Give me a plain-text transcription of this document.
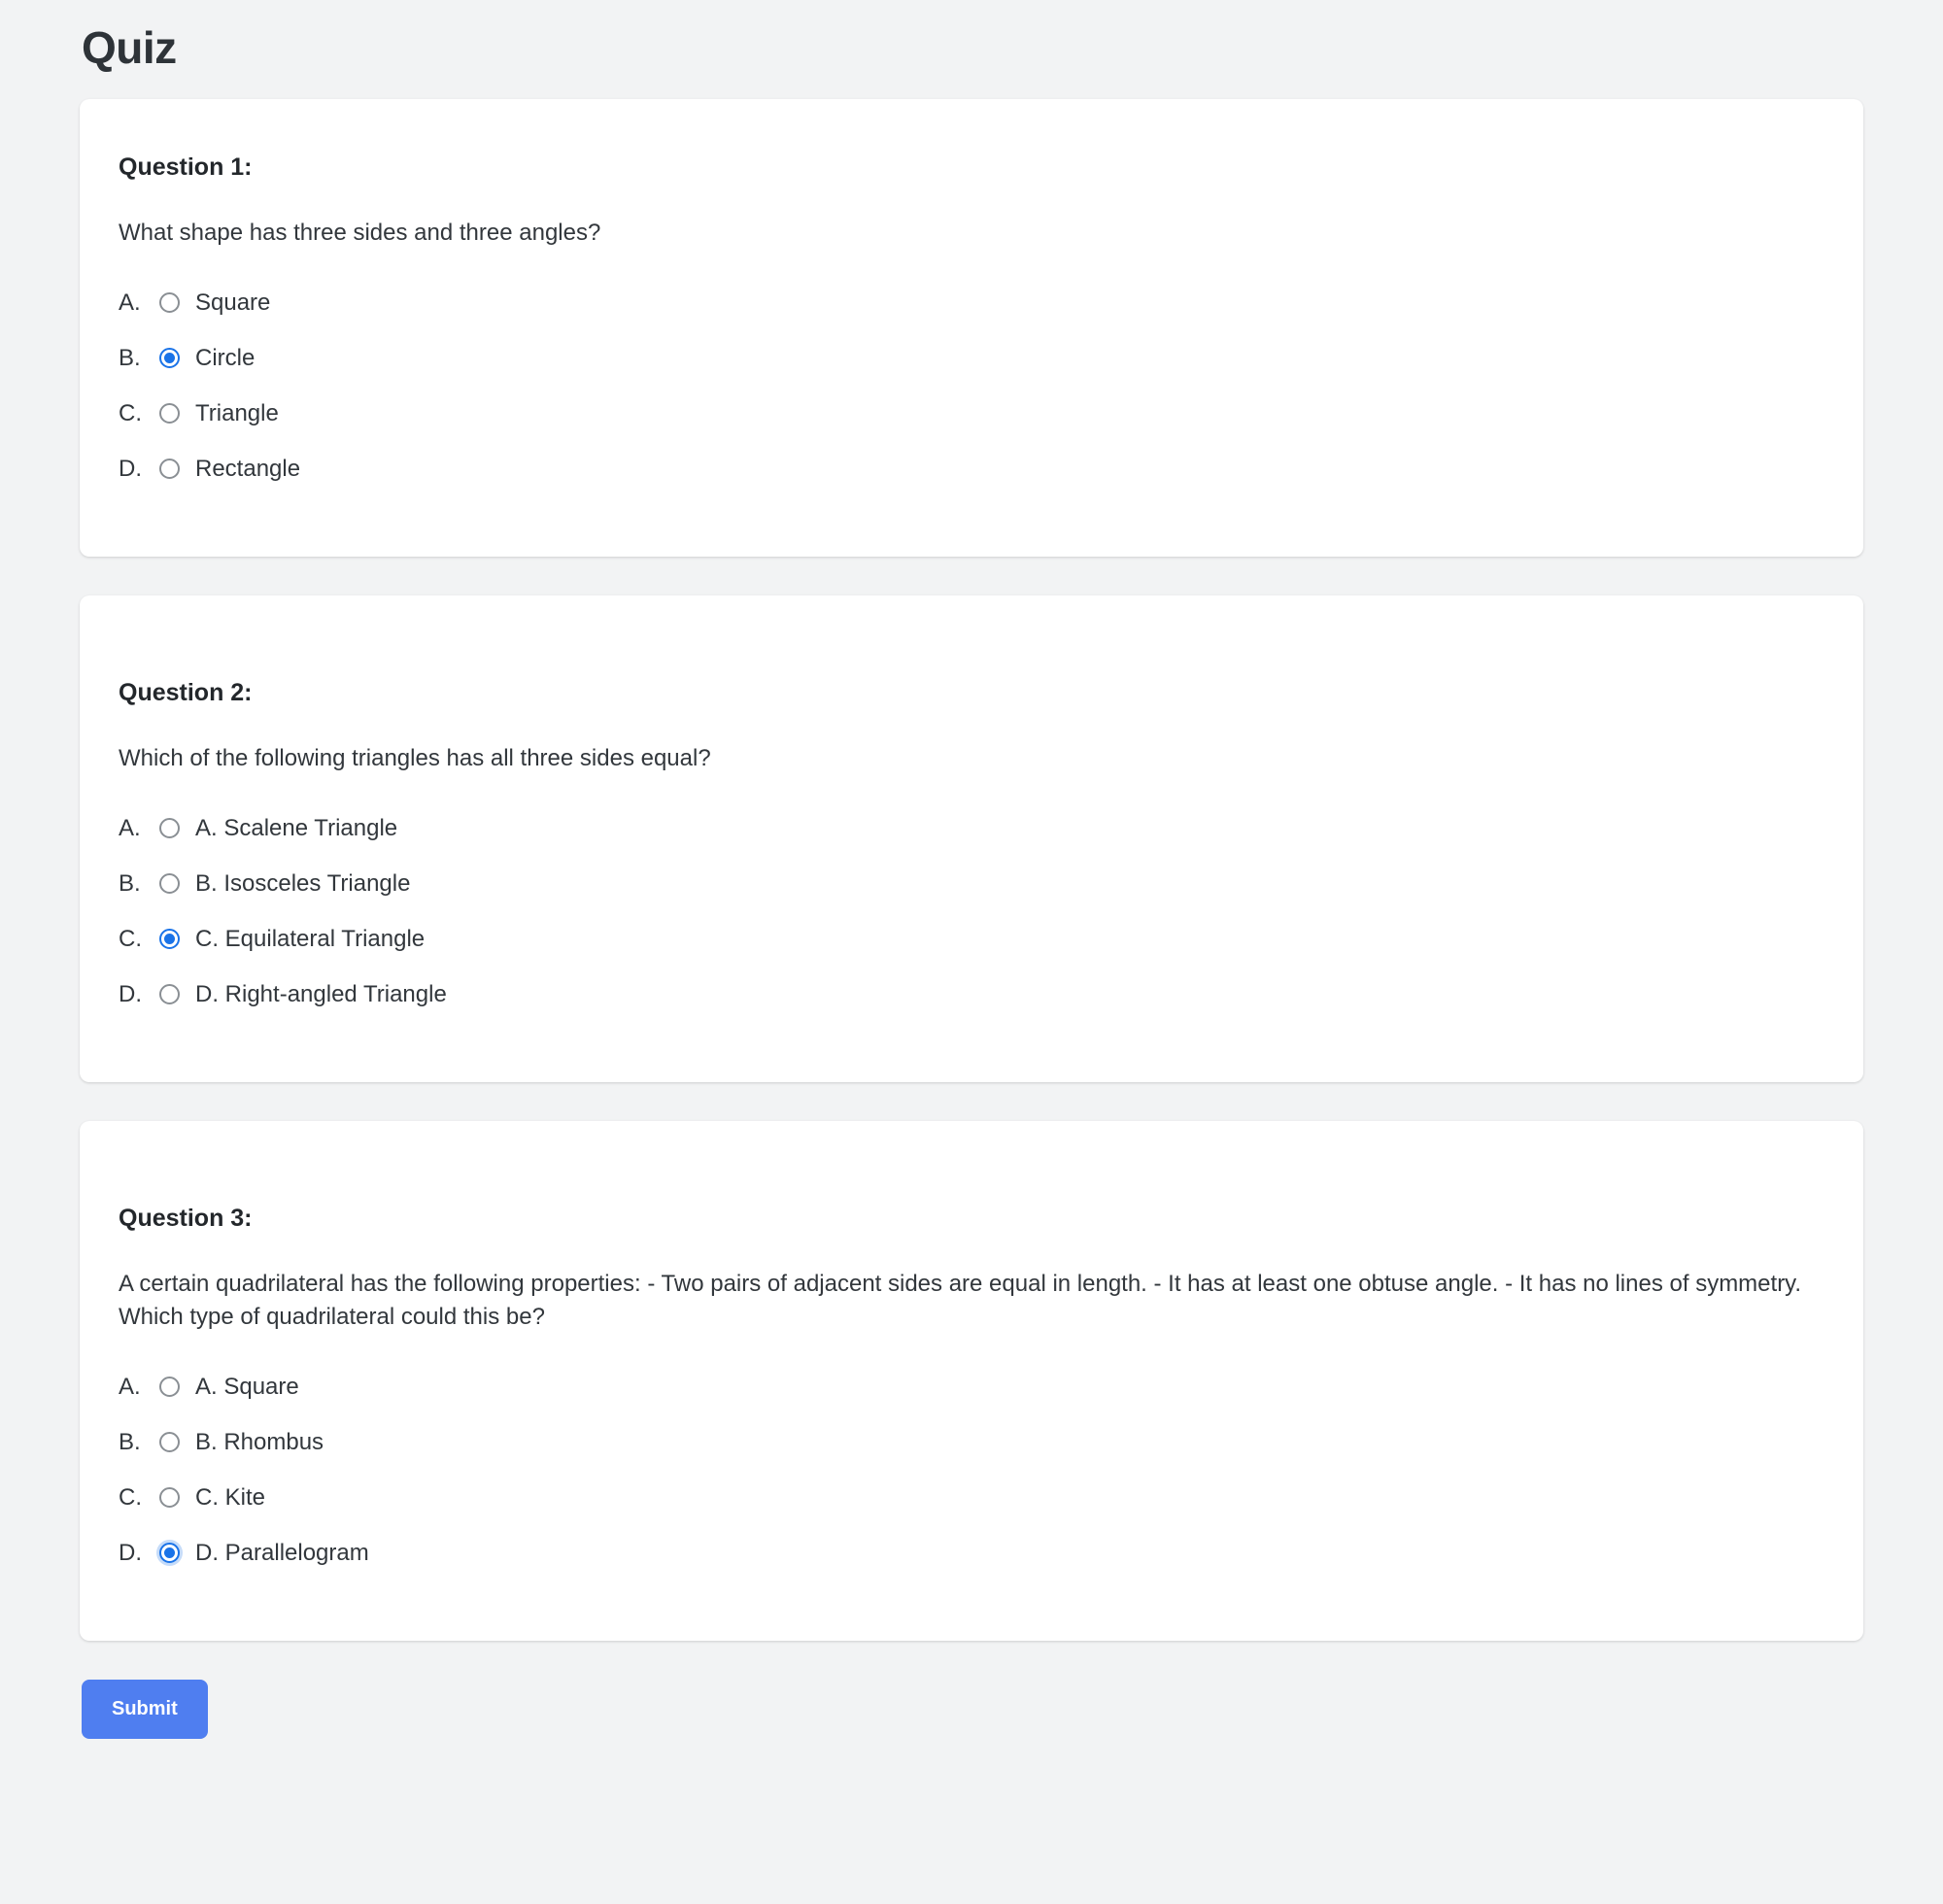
Quiz
Question 1:

What shape has three sides and three angles?

A.	Square
B.	Circle
C.	Triangle
D.	Rectangle
Question 2:

Which of the following triangles has all three sides equal?

A.	A. Scalene Triangle
B.	B. Isosceles Triangle
C.	C. Equilateral Triangle
D.	D. Right-angled Triangle
Question 3:

A certain quadrilateral has the following properties: - Two pairs of adjacent sides are equal in length. - It has at least one obtuse angle. - It has no lines of symmetry. Which type of quadrilateral could this be?

A.	A. Square
B.	B. Rhombus
C.	C. Kite
D.	D. Parallelogram
Submit
